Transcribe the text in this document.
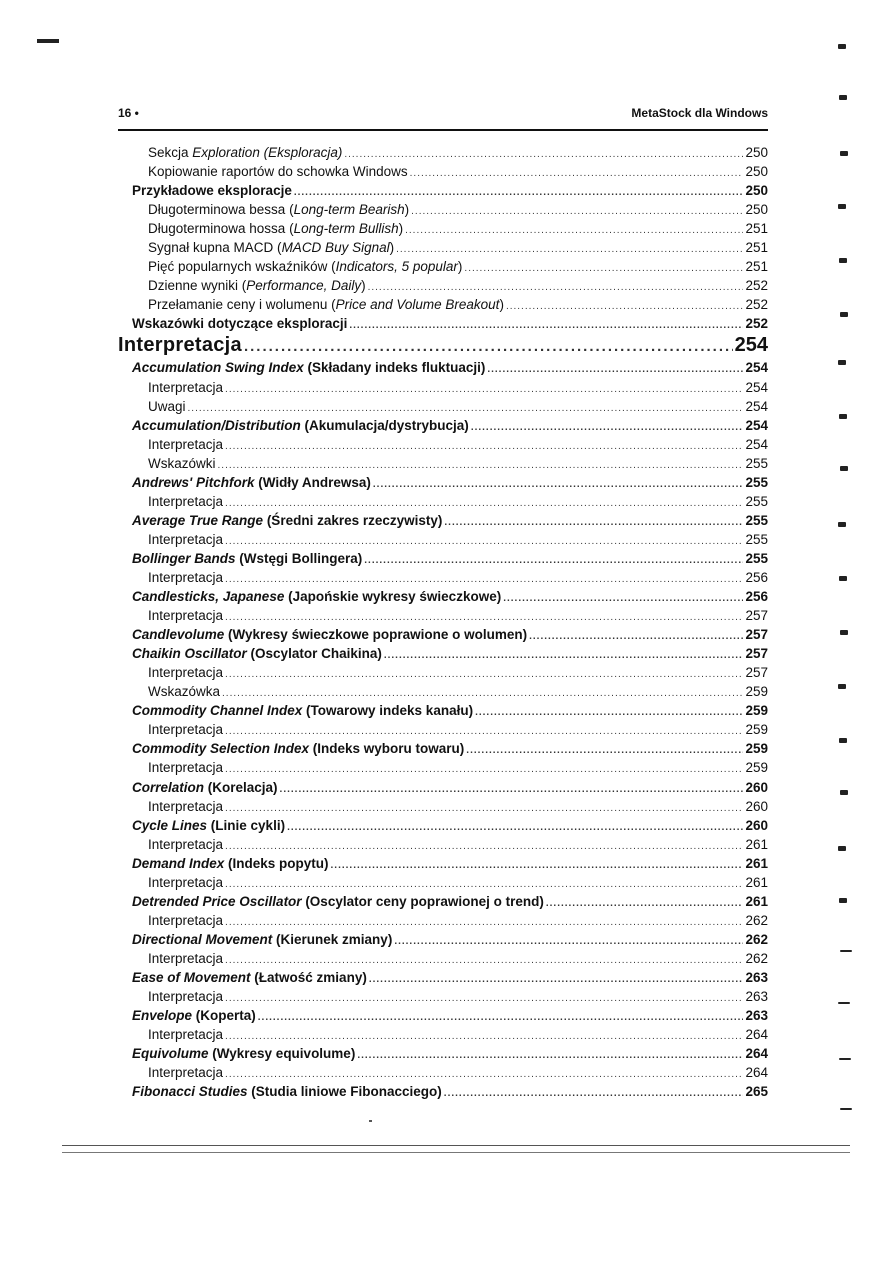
16 •	MetaStock dla Windows
Sekcja Exploration (Eksploracja) .....	250
Kopiowanie raportów do schowka Windows .....	250
Przykładowe eksploracje .....	250
Długoterminowa bessa (Long-term Bearish) .....	250
Długoterminowa hossa (Long-term Bullish) .....	251
Sygnał kupna MACD (MACD Buy Signal) .....	251
Pięć popularnych wskaźników (Indicators, 5 popular) .....	251
Dzienne wyniki (Performance, Daily) .....	252
Przełamanie ceny i wolumenu (Price and Volume Breakout) .....	252
Wskazówki dotyczące eksploracji .....	252
Interpretacja .....	254
Accumulation Swing Index (Składany indeks fluktuacji) .....	254
Interpretacja .....	254
Uwagi .....	254
Accumulation/Distribution (Akumulacja/dystrybucja) .....	254
Interpretacja .....	254
Wskazówki .....	255
Andrews' Pitchfork (Widły Andrewsa) .....	255
Interpretacja .....	255
Average True Range (Średni zakres rzeczywisty) .....	255
Interpretacja .....	255
Bollinger Bands (Wstęgi Bollingera) .....	255
Interpretacja .....	256
Candlesticks, Japanese (Japońskie wykresy świeczkowe) .....	256
Interpretacja .....	257
Candlevolume (Wykresy świeczkowe poprawione o wolumen) .....	257
Chaikin Oscillator (Oscylator Chaikina) .....	257
Interpretacja .....	257
Wskazówka .....	259
Commodity Channel Index (Towarowy indeks kanału) .....	259
Interpretacja .....	259
Commodity Selection Index (Indeks wyboru towaru) .....	259
Interpretacja .....	259
Correlation (Korelacja) .....	260
Interpretacja .....	260
Cycle Lines (Linie cykli) .....	260
Interpretacja .....	261
Demand Index (Indeks popytu) .....	261
Interpretacja .....	261
Detrended Price Oscillator (Oscylator ceny poprawionej o trend) .....	261
Interpretacja .....	262
Directional Movement (Kierunek zmiany) .....	262
Interpretacja .....	262
Ease of Movement (Łatwość zmiany) .....	263
Interpretacja .....	263
Envelope (Koperta) .....	263
Interpretacja .....	264
Equivolume (Wykresy equivolume) .....	264
Interpretacja .....	264
Fibonacci Studies (Studia liniowe Fibonacciego) .....	265
